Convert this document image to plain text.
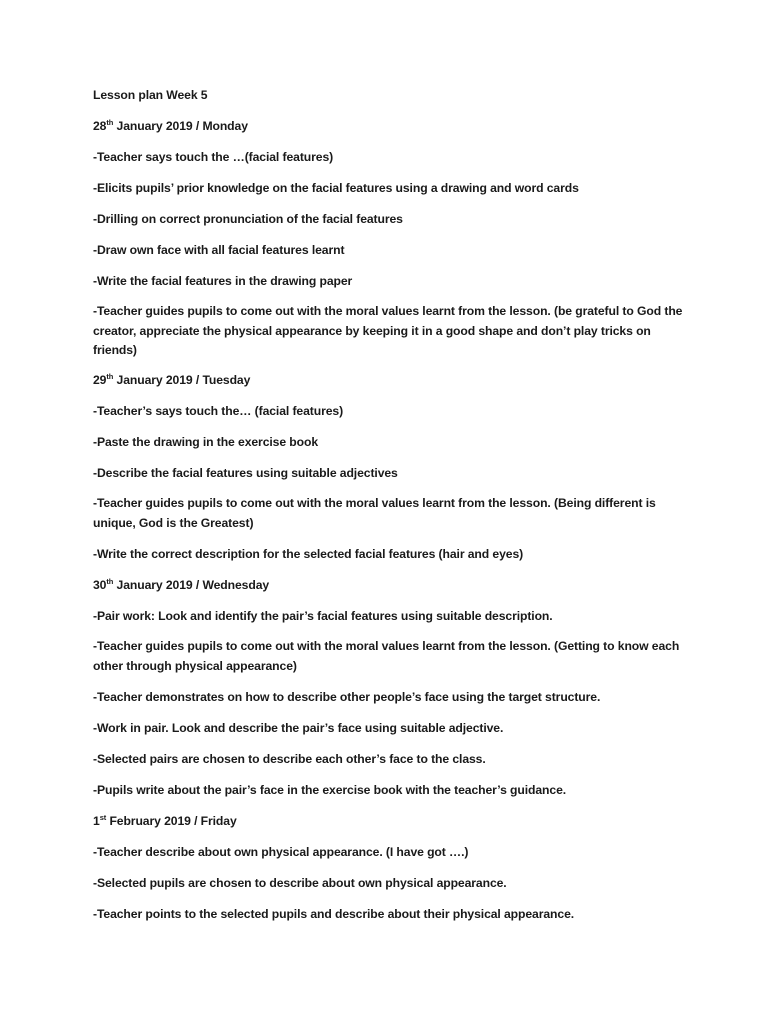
Lesson plan Week 5
28th January 2019 / Monday
-Teacher says touch the …(facial features)
-Elicits pupils’ prior knowledge on the facial features using a drawing and word cards
-Drilling on correct pronunciation of the facial features
-Draw own face with all facial features learnt
-Write the facial features in the drawing paper
-Teacher guides pupils to come out with the moral values learnt from the lesson. (be grateful to God the creator, appreciate the physical appearance by keeping it in a good shape and don’t play tricks on friends)
29th January 2019 / Tuesday
-Teacher’s says touch the… (facial features)
-Paste the drawing in the exercise book
-Describe the facial features using suitable adjectives
-Teacher guides pupils to come out with the moral values learnt from the lesson. (Being different is unique, God is the Greatest)
-Write the correct description for the selected facial features (hair and eyes)
30th January 2019 / Wednesday
-Pair work: Look and identify the pair’s facial features using suitable description.
-Teacher guides pupils to come out with the moral values learnt from the lesson. (Getting to know each other through physical appearance)
-Teacher demonstrates on how to describe other people’s face using the target structure.
-Work in pair. Look and describe the pair’s face using suitable adjective.
-Selected pairs are chosen to describe each other’s face to the class.
-Pupils write about the pair’s face in the exercise book with the teacher’s guidance.
1st February 2019 / Friday
-Teacher describe about own physical appearance. (I have got ….)
-Selected pupils are chosen to describe about own physical appearance.
-Teacher points to the selected pupils and describe about their physical appearance.
